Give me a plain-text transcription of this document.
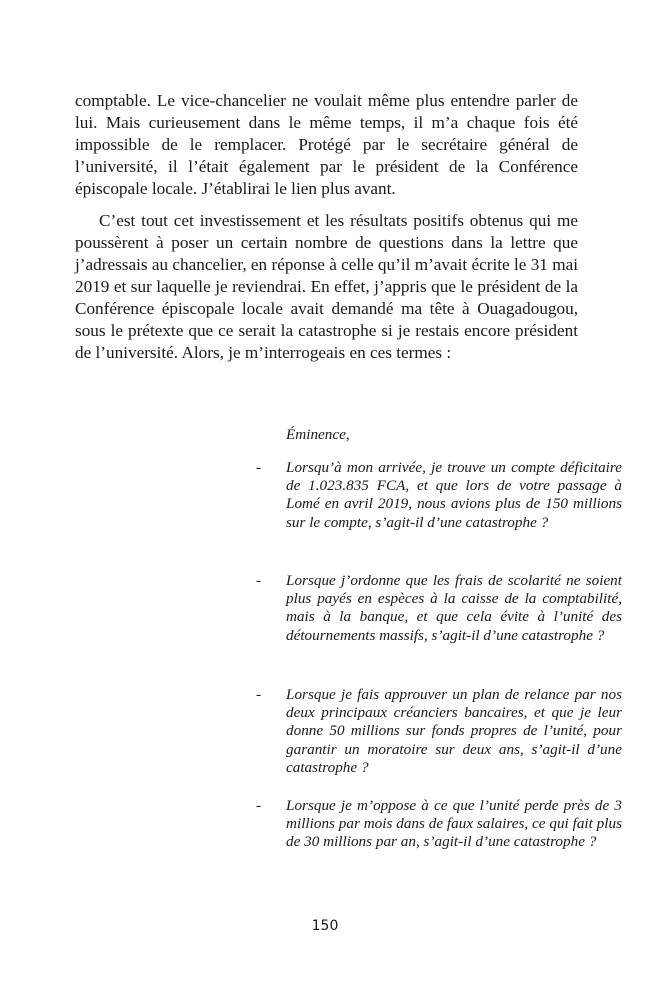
comptable. Le vice-chancelier ne voulait même plus entendre parler de lui. Mais curieusement dans le même temps, il m’a chaque fois été impossible de le remplacer. Protégé par le secrétaire général de l’université, il l’était également par le président de la Conférence épiscopale locale. J’établirai le lien plus avant.

C’est tout cet investissement et les résultats positifs obtenus qui me poussèrent à poser un certain nombre de questions dans la lettre que j’adressais au chancelier, en réponse à celle qu’il m’avait écrite le 31 mai 2019 et sur laquelle je reviendrai. En effet, j’appris que le président de la Conférence épiscopale locale avait demandé ma tête à Ouagadougou, sous le prétexte que ce serait la catastrophe si je restais encore président de l’université. Alors, je m’interrogeais en ces termes :

Éminence,

-	Lorsqu’à mon arrivée, je trouve un compte déficitaire de 1.023.835 FCA, et que lors de votre passage à Lomé en avril 2019, nous avions plus de 150 millions sur le compte, s’agit-il d’une catastrophe ?

-	Lorsque j’ordonne que les frais de scolarité ne soient plus payés en espèces à la caisse de la comptabilité, mais à la banque, et que cela évite à l’unité des détournements massifs, s’agit-il d’une catastrophe ?

-	Lorsque je fais approuver un plan de relance par nos deux principaux créanciers bancaires, et que je leur donne 50 millions sur fonds propres de l’unité, pour garantir un moratoire sur deux ans, s’agit-il d’une catastrophe ?

-	Lorsque je m’oppose à ce que l’unité perde près de 3 millions par mois dans de faux salaires, ce qui fait plus de 30 millions par an, s’agit-il d’une catastrophe ?

150
